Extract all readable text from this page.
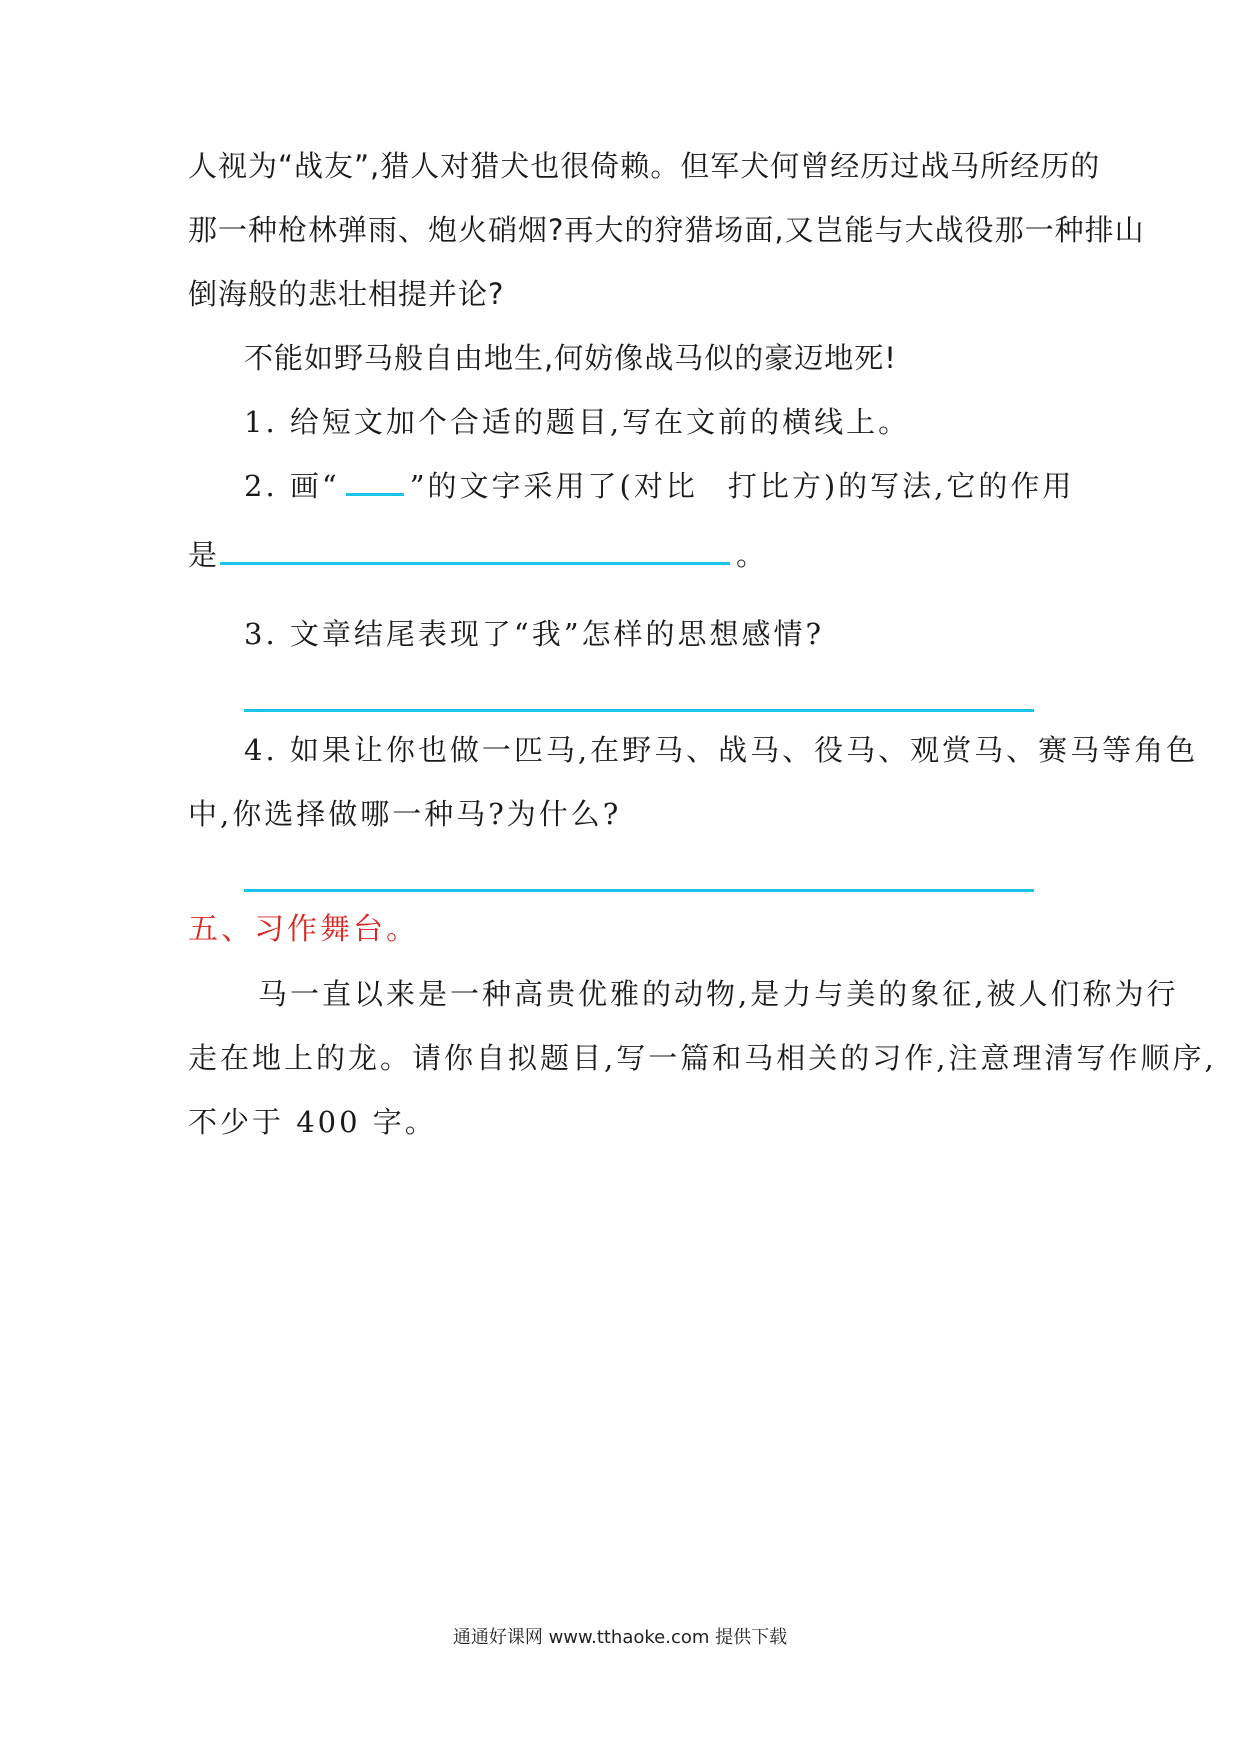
人视为“战友”,猎人对猎犬也很倚赖。但军犬何曾经历过战马所经历的
那一种枪林弹雨、炮火硝烟?再大的狩猎场面,又岂能与大战役那一种排山
倒海般的悲壮相提并论?
不能如野马般自由地生,何妨像战马似的豪迈地死!
1. 给短文加个合适的题目,写在文前的横线上。
2. 画“ ”的文字采用了(对比 打比方)的写法,它的作用
是	。
3. 文章结尾表现了“我”怎样的思想感情?
4. 如果让你也做一匹马,在野马、战马、役马、观赏马、赛马等角色
中,你选择做哪一种马?为什么?
五、习作舞台。
马一直以来是一种高贵优雅的动物,是力与美的象征,被人们称为行
走在地上的龙。请你自拟题目,写一篇和马相关的习作,注意理清写作顺序,
不少于 400 字。
通通好课网 www.tthaoke.com 提供下载
